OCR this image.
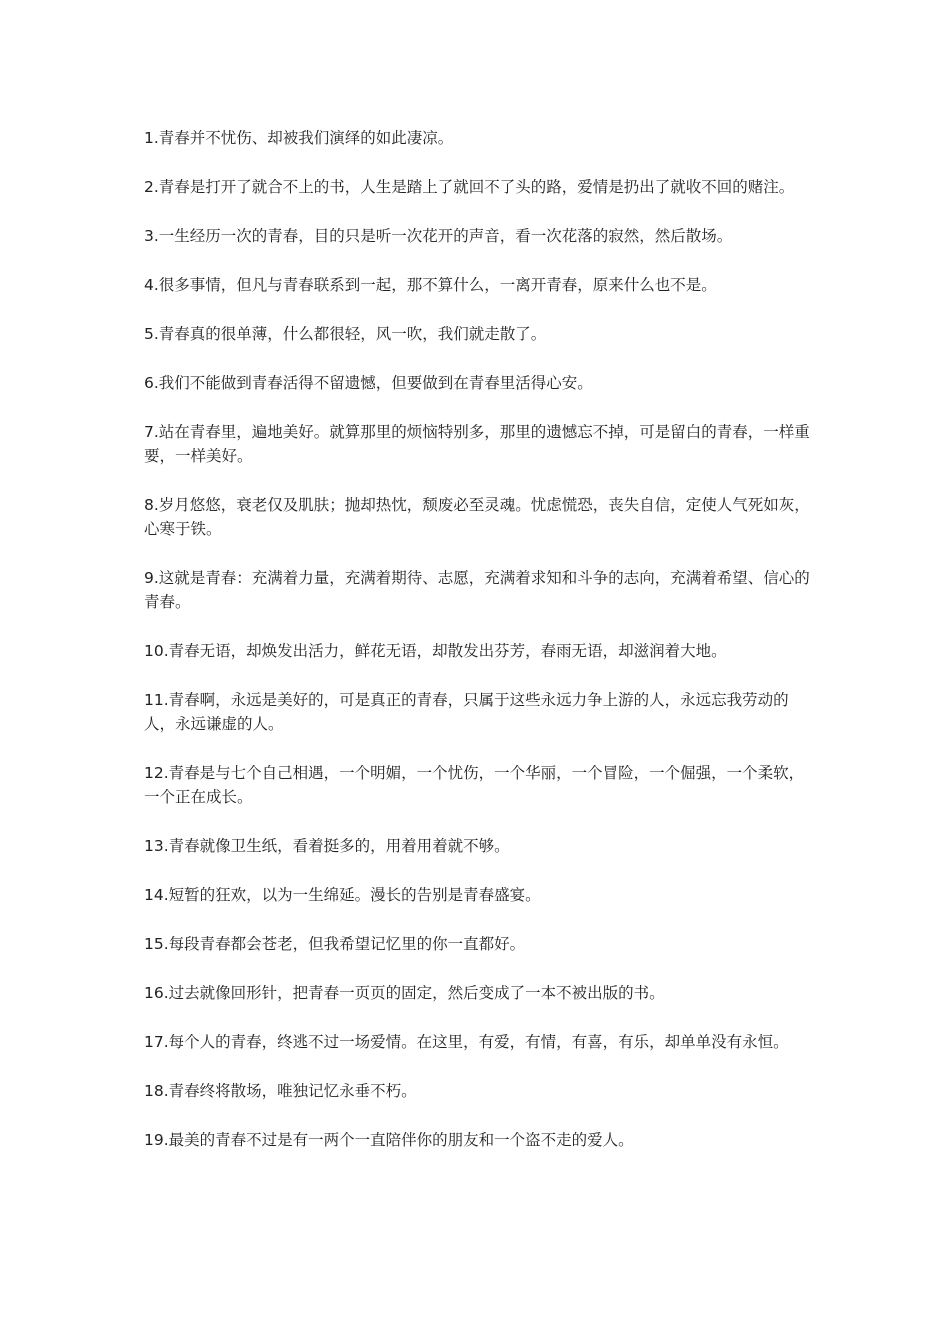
1.青春并不忧伤、却被我们演绎的如此凄凉。

2.青春是打开了就合不上的书，人生是踏上了就回不了头的路，爱情是扔出了就收不回的赌注。

3.一生经历一次的青春，目的只是听一次花开的声音，看一次花落的寂然，然后散场。

4.很多事情，但凡与青春联系到一起，那不算什么，一离开青春，原来什么也不是。

5.青春真的很单薄，什么都很轻，风一吹，我们就走散了。

6.我们不能做到青春活得不留遗憾，但要做到在青春里活得心安。

7.站在青春里，遍地美好。就算那里的烦恼特别多，那里的遗憾忘不掉，可是留白的青春，一样重要，一样美好。

8.岁月悠悠，衰老仅及肌肤；抛却热忱，颓废必至灵魂。忧虑慌恐，丧失自信，定使人气死如灰，心寒于铁。

9.这就是青春：充满着力量，充满着期待、志愿，充满着求知和斗争的志向，充满着希望、信心的青春。

10.青春无语，却焕发出活力，鲜花无语，却散发出芬芳，春雨无语，却滋润着大地。

11.青春啊，永远是美好的，可是真正的青春，只属于这些永远力争上游的人，永远忘我劳动的人，永远谦虚的人。

12.青春是与七个自己相遇，一个明媚，一个忧伤，一个华丽，一个冒险，一个倔强，一个柔软，一个正在成长。

13.青春就像卫生纸，看着挺多的，用着用着就不够。

14.短暂的狂欢，以为一生绵延。漫长的告别是青春盛宴。

15.每段青春都会苍老，但我希望记忆里的你一直都好。

16.过去就像回形针，把青春一页页的固定，然后变成了一本不被出版的书。

17.每个人的青春，终逃不过一场爱情。在这里，有爱，有情，有喜，有乐，却单单没有永恒。

18.青春终将散场，唯独记忆永垂不朽。

19.最美的青春不过是有一两个一直陪伴你的朋友和一个盗不走的爱人。
